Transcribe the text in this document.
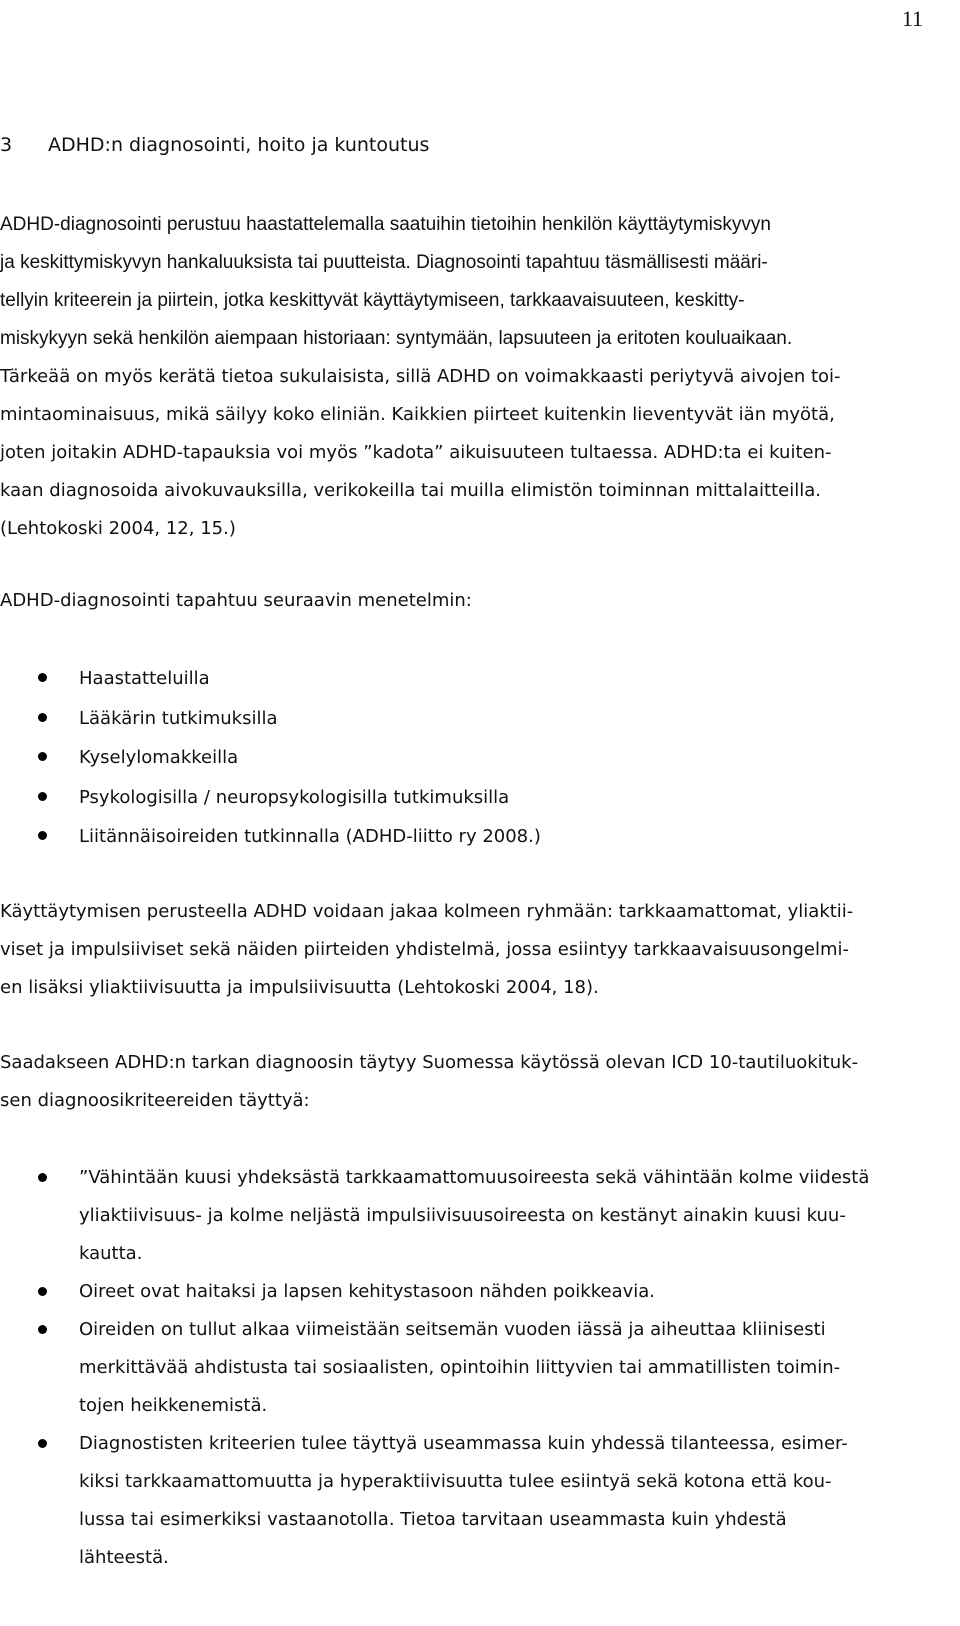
11
3 ADHD:n diagnosointi, hoito ja kuntoutus
ADHD-diagnosointi perustuu haastattelemalla saatuihin tietoihin henkilön käyttäytymiskyvyn
ja keskittymiskyvyn hankaluuksista tai puutteista. Diagnosointi tapahtuu täsmällisesti määri-
tellyin kriteerein ja piirtein, jotka keskittyvät käyttäytymiseen, tarkkaavaisuuteen, keskitty-
miskykyyn sekä henkilön aiempaan historiaan: syntymään, lapsuuteen ja eritoten kouluaikaan.
Tärkeää on myös kerätä tietoa sukulaisista, sillä ADHD on voimakkaasti periytyvä aivojen toi-
mintaominaisuus, mikä säilyy koko eliniän. Kaikkien piirteet kuitenkin lieventyvät iän myötä,
joten joitakin ADHD-tapauksia voi myös ”kadota” aikuisuuteen tultaessa. ADHD:ta ei kuiten-
kaan diagnosoida aivokuvauksilla, verikokeilla tai muilla elimistön toiminnan mittalaitteilla.
(Lehtokoski 2004, 12, 15.)
ADHD-diagnosointi tapahtuu seuraavin menetelmin:
Haastatteluilla
Lääkärin tutkimuksilla
Kyselylomakkeilla
Psykologisilla / neuropsykologisilla tutkimuksilla
Liitännäisoireiden tutkinnalla (ADHD-liitto ry 2008.)
Käyttäytymisen perusteella ADHD voidaan jakaa kolmeen ryhmään: tarkkaamattomat, yliaktii-
viset ja impulsiiviset sekä näiden piirteiden yhdistelmä, jossa esiintyy tarkkaavaisuusongelmi-
en lisäksi yliaktiivisuutta ja impulsiivisuutta (Lehtokoski 2004, 18).
Saadakseen ADHD:n tarkan diagnoosin täytyy Suomessa käytössä olevan ICD 10-tautiluokituk-
sen diagnoosikriteereiden täyttyä:
”Vähintään kuusi yhdeksästä tarkkaamattomuusoireesta sekä vähintään kolme viidestä
yliaktiivisuus- ja kolme neljästä impulsiivisuusoireesta on kestänyt ainakin kuusi kuu-
kautta.
Oireet ovat haitaksi ja lapsen kehitystasoon nähden poikkeavia.
Oireiden on tullut alkaa viimeistään seitsemän vuoden iässä ja aiheuttaa kliinisesti
merkittävää ahdistusta tai sosiaalisten, opintoihin liittyvien tai ammatillisten toimin-
tojen heikkenemistä.
Diagnostisten kriteerien tulee täyttyä useammassa kuin yhdessä tilanteessa, esimer-
kiksi tarkkaamattomuutta ja hyperaktiivisuutta tulee esiintyä sekä kotona että kou-
lussa tai esimerkiksi vastaanotolla. Tietoa tarvitaan useammasta kuin yhdestä
lähteestä.
